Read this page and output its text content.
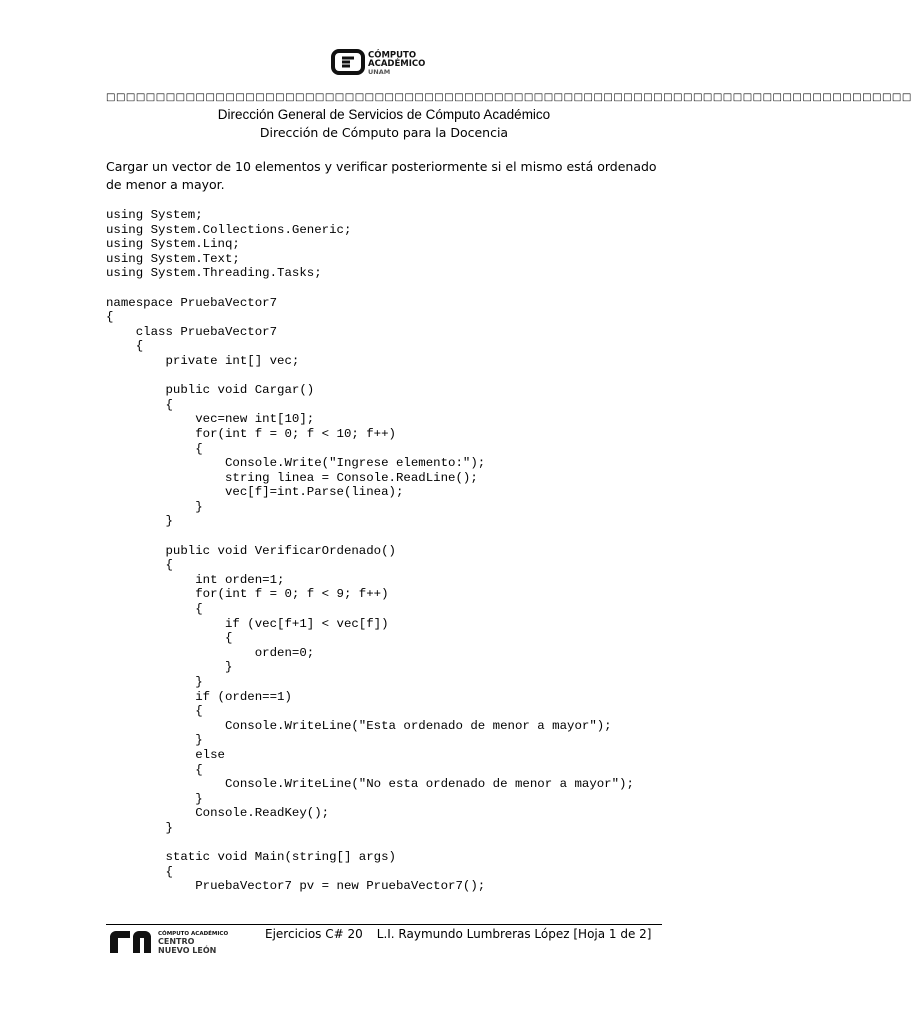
CÓMPUTO
ACADÉMICO
UNAM
□□□□□□□□□□□□□□□□□□□□□□□□□□□□□□□□□□□□□□□□□□□□□□□□□□□□□□□□□□□□□□□□□□□□□□□□□□□□□□□□□
Dirección General de Servicios de Cómputo Académico
Dirección de Cómputo para la Docencia
Cargar un vector de 10 elementos y verificar posteriormente si el mismo está ordenado de menor a mayor.
using System;
using System.Collections.Generic;
using System.Linq;
using System.Text;
using System.Threading.Tasks;

namespace PruebaVector7
{
class PruebaVector7
{
private int[] vec;

public void Cargar()
{
vec=new int[10];
for(int f = 0; f < 10; f++)
{
Console.Write("Ingrese elemento:");
string linea = Console.ReadLine();
vec[f]=int.Parse(linea);
}
}

public void VerificarOrdenado()
{
int orden=1;
for(int f = 0; f < 9; f++)
{
if (vec[f+1] < vec[f])
{
orden=0;
}
}
if (orden==1)
{
Console.WriteLine("Esta ordenado de menor a mayor");
}
else
{
Console.WriteLine("No esta ordenado de menor a mayor");
}
Console.ReadKey();
}

static void Main(string[] args)
{
PruebaVector7 pv = new PruebaVector7();
CÓMPUTO ACADÉMICO
CENTRO
NUEVO LEÓN
Ejercicios C# 20 L.I. Raymundo Lumbreras López [Hoja 1 de 2]
